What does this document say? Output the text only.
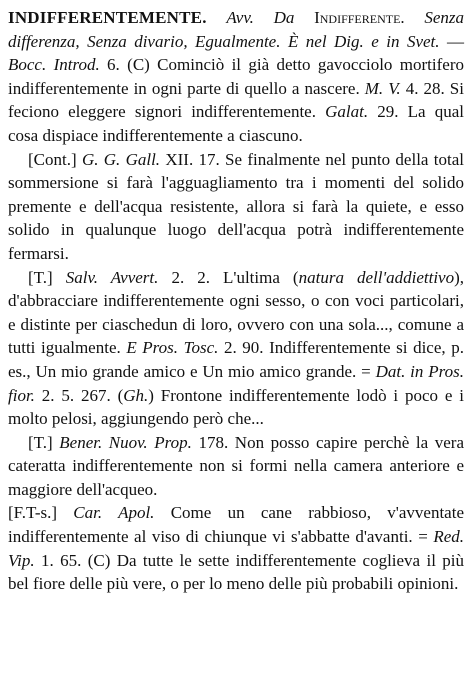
INDIFFERENTEMENTE. Avv. Da Indifferente. Senza differenza, Senza divario, Egualmente. È nel Dig. e in Svet. — Bocc. Introd. 6. (C) Cominciò il già detto gavocciolo mortifero indifferentemente in ogni parte di quello a nascere. M. V. 4. 28. Si feciono eleggere signori indifferentemente. Galat. 29. La qual cosa dispiace indifferentemente a ciascuno.

[Cont.] G. G. Gall. XII. 17. Se finalmente nel punto della total sommersione si farà l'agguagliamento tra i momenti del solido premente e dell'acqua resistente, allora si farà la quiete, e esso solido in qualunque luogo dell'acqua potrà indifferentemente fermarsi.

[T.] Salv. Avvert. 2. 2. L'ultima (natura dell'addiettivo), d'abbracciare indifferentemente ogni sesso, o con voci particolari, e distinte per ciaschedun di loro, ovvero con una sola..., comune a tutti igualmente. E Pros. Tosc. 2. 90. Indifferentemente si dice, p. es., Un mio grande amico e Un mio amico grande. = Dat. in Pros. fior. 2. 5. 267. (Gh.) Frontone indifferentemente lodò i poco e i molto pelosi, aggiungendo però che...

[T.] Bener. Nuov. Prop. 178. Non posso capire perchè la vera cateratta indifferentemente non si formi nella camera anteriore e maggiore dell'acqueo.

[F.T-s.] Car. Apol. Come un cane rabbioso, v'avventate indifferentemente al viso di chiunque vi s'abbatte d'avanti. = Red. Vip. 1. 65. (C) Da tutte le sette indifferentemente coglieva il più bel fiore delle più vere, o per lo meno delle più probabili opinioni.
